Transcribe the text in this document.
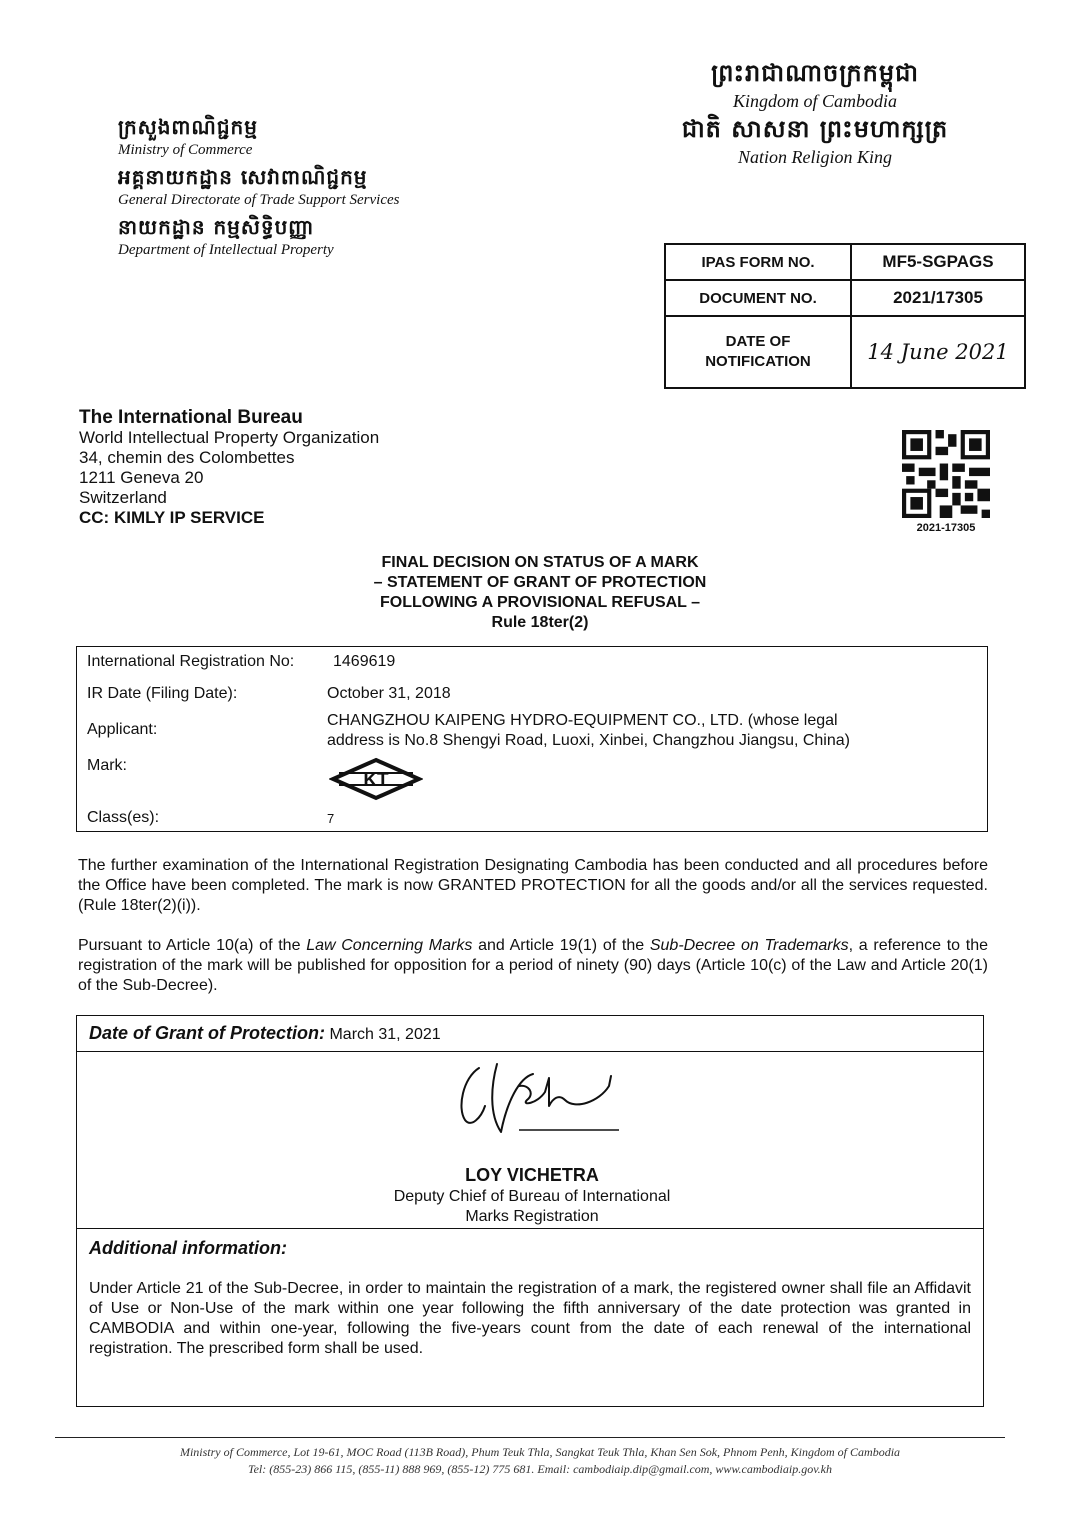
ក្រសួងពាណិជ្ជកម្ម
Ministry of Commerce
អគ្គនាយកដ្ឋាន សេវាពាណិជ្ជកម្ម
General Directorate of Trade Support Services
នាយកដ្ឋាន កម្មសិទ្ធិបញ្ញា
Department of Intellectual Property
ព្រះរាជាណាចក្រកម្ពុជា
Kingdom of Cambodia
ជាតិ សាសនា ព្រះមហាក្សត្រ
Nation Religion King
IPAS FORM NO.	MF5-SGPAGS
DOCUMENT NO.	2021/17305
DATE OF NOTIFICATION	14 June 2021
The International Bureau
World Intellectual Property Organization
34, chemin des Colombettes
1211 Geneva 20
Switzerland
CC: KIMLY IP SERVICE
2021-17305
FINAL DECISION ON STATUS OF A MARK
– STATEMENT OF GRANT OF PROTECTION
FOLLOWING A PROVISIONAL REFUSAL –
Rule 18ter(2)
International Registration No: 1469619
IR Date (Filing Date):	October 31, 2018
Applicant:
CHANGZHOU KAIPENG HYDRO-EQUIPMENT CO., LTD. (whose legal
address is No.8 Shengyi Road, Luoxi, Xinbei, Changzhou Jiangsu, China)
Mark:
KT
Class(es):	7
The further examination of the International Registration Designating Cambodia has been conducted and all procedures before the Office have been completed. The mark is now GRANTED PROTECTION for all the goods and/or all the services requested. (Rule 18ter(2)(i)).
Pursuant to Article 10(a) of the Law Concerning Marks and Article 19(1) of the Sub-Decree on Trademarks, a reference to the registration of the mark will be published for opposition for a period of ninety (90) days (Article 10(c) of the Law and Article 20(1) of the Sub-Decree).
Date of Grant of Protection: March 31, 2021
LOY VICHETRA
Deputy Chief of Bureau of International
Marks Registration
Additional information:
Under Article 21 of the Sub-Decree, in order to maintain the registration of a mark, the registered owner shall file an Affidavit of Use or Non-Use of the mark within one year following the fifth anniversary of the date protection was granted in CAMBODIA and within one-year, following the five-years count from the date of each renewal of the international registration. The prescribed form shall be used.
Ministry of Commerce, Lot 19-61, MOC Road (113B Road), Phum Teuk Thla, Sangkat Teuk Thla, Khan Sen Sok, Phnom Penh, Kingdom of Cambodia
Tel: (855-23) 866 115, (855-11) 888 969, (855-12) 775 681. Email: cambodiaip.dip@gmail.com, www.cambodiaip.gov.kh
